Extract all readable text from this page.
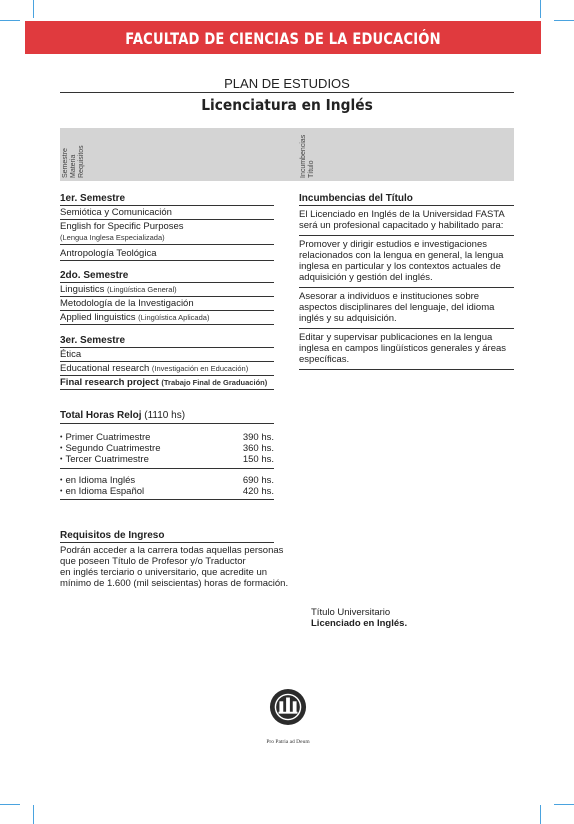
FACULTAD DE CIENCIAS DE LA EDUCACIÓN
PLAN DE ESTUDIOS
Licenciatura en Inglés
Semestre Materia Requisitos	Incumbencias Título
1er. Semestre
Semiótica y Comunicación
English for Specific Purposes
(Lengua Inglesa Especializada)
Antropología Teológica
2do. Semestre
Linguistics (Lingüística General)
Metodología de la Investigación
Applied linguistics (Lingüística Aplicada)
3er. Semestre
Ética
Educational research (Investigación en Educación)
Final research project (Trabajo Final de Graduación)
Incumbencias del Título
El Licenciado en Inglés de la Universidad FASTA será un profesional capacitado y habilitado para:
Promover y dirigir estudios e investigaciones relacionados con la lengua en general, la lengua inglesa en particular y los contextos actuales de adquisición y gestión del inglés.
Asesorar a individuos e instituciones sobre aspectos disciplinares del lenguaje, del idioma inglés y su adquisición.
Editar y supervisar publicaciones en la lengua inglesa en campos lingüísticos generales y áreas específicas.
Total Horas Reloj (1110 hs)
• Primer Cuatrimestre	390 hs.
• Segundo Cuatrimestre	360 hs.
• Tercer Cuatrimestre	150 hs.
• en Idioma Inglés	690 hs.
• en Idioma Español	420 hs.
Requisitos de Ingreso
Podrán acceder a la carrera todas aquellas personas
que poseen Título de Profesor y/o Traductor
en inglés terciario o universitario, que acredite un
mínimo de 1.600 (mil seiscientas) horas de formación.
Título Universitario
Licenciado en Inglés.
Pro Patria ad Deum
